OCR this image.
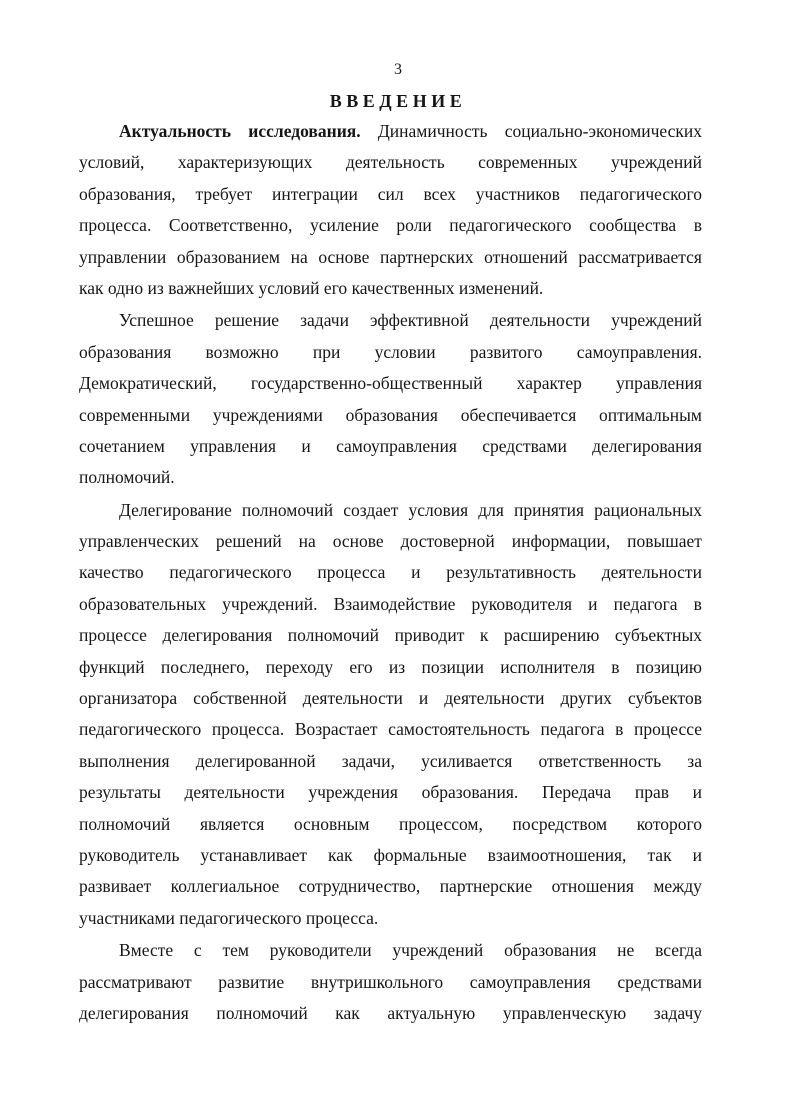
3
ВВЕДЕНИЕ
Актуальность исследования. Динамичность социально-экономических
условий, характеризующих деятельность современных учреждений
образования, требует интеграции сил всех участников педагогического
процесса. Соответственно, усиление роли педагогического сообщества в
управлении образованием на основе партнерских отношений рассматривается
как
одно
из
важнейших
условий
его
качественных
изменений.
Успешное решение задачи эффективной деятельности учреждений
образования возможно при условии развитого самоуправления.
Демократический, государственно-общественный характер управления
современными учреждениями образования обеспечивается оптимальным
сочетанием управления и самоуправления средствами делегирования
полномочий.
Делегирование полномочий создает условия для принятия рациональных
управленческих решений на основе достоверной информации, повышает
качество педагогического процесса и результативность деятельности
образовательных учреждений. Взаимодействие руководителя и педагога в
процессе делегирования полномочий приводит к расширению субъектных
функций последнего, переходу его из позиции исполнителя в позицию
организатора собственной деятельности и деятельности других субъектов
педагогического процесса. Возрастает самостоятельность педагога в процессе
выполнения делегированной задачи, усиливается ответственность за
результаты деятельности учреждения образования. Передача прав и
полномочий является основным процессом, посредством которого
руководитель устанавливает как формальные взаимоотношения, так и
развивает коллегиальное сотрудничество, партнерские отношения между
участниками
педагогического
процесса.
Вместе с тем руководители учреждений образования не всегда
рассматривают развитие внутришкольного самоуправления средствами
делегирования полномочий как актуальную управленческую задачу
